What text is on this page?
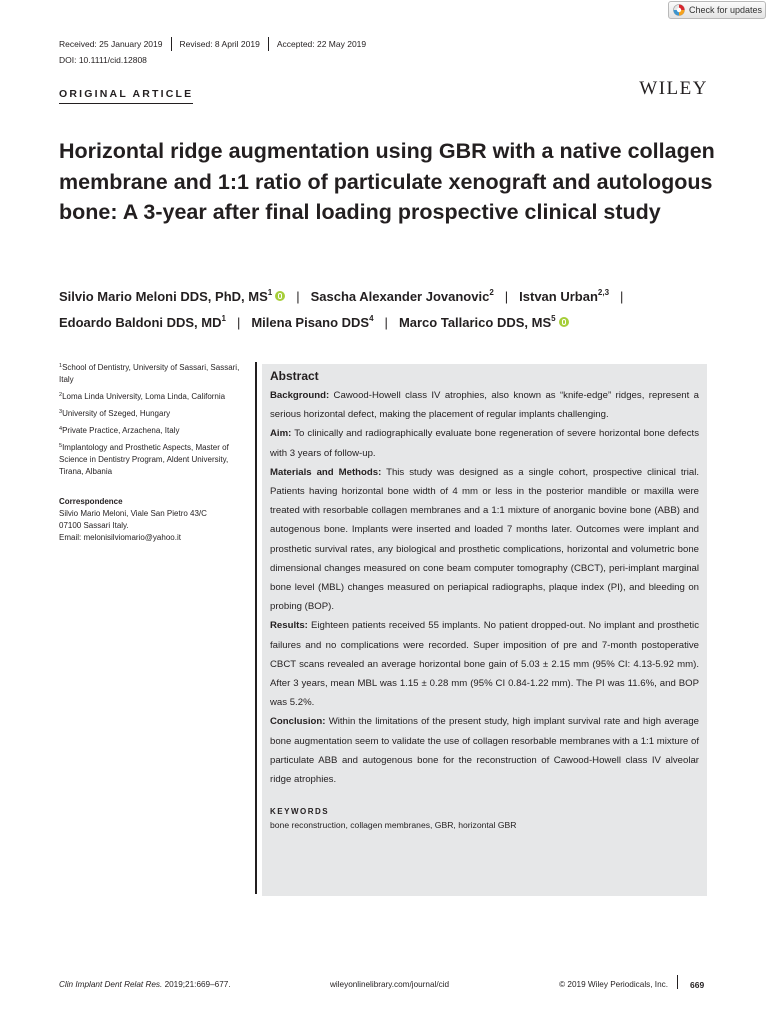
Check for updates
Received: 25 January 2019 Revised: 8 April 2019 Accepted: 22 May 2019
DOI: 10.1111/cid.12808
ORIGINAL ARTICLE	WILEY
Horizontal ridge augmentation using GBR with a native collagen membrane and 1:1 ratio of particulate xenograft and autologous bone: A 3-year after final loading prospective clinical study
Silvio Mario Meloni DDS, PhD, $MS^1$ | Sascha Alexander Jovanovic$^2$ | Istvan Urban$^{2,3}$ |
Edoardo Baldoni DDS, $MD^1$ | Milena Pisano DDS$^4$ | Marco Tallarico DDS, $MS^5$
$^1$School of Dentistry, University of Sassari, Sassari, Italy
$^2$Loma Linda University, Loma Linda, California
$^3$University of Szeged, Hungary
$^4$Private Practice, Arzachena, Italy
$^5$Implantology and Prosthetic Aspects, Master of Science in Dentistry Program, Aldent University, Tirana, Albania
Correspondence
Silvio Mario Meloni, Viale San Pietro 43/C
07100 Sassari Italy.
Email: melonisilviomario@yahoo.it
Abstract

Background: Cawood-Howell class IV atrophies, also known as “knife-edge” ridges, represent a serious horizontal defect, making the placement of regular implants challenging.

Aim: To clinically and radiographically evaluate bone regeneration of severe horizontal bone defects with 3 years of follow-up.

Materials and Methods: This study was designed as a single cohort, prospective clinical trial. Patients having horizontal bone width of 4 mm or less in the posterior mandible or maxilla were treated with resorbable collagen membranes and a 1:1 mixture of anorganic bovine bone (ABB) and autogenous bone. Implants were inserted and loaded 7 months later. Outcomes were implant and prosthetic survival rates, any biological and prosthetic complications, horizontal and volumetric bone dimensional changes measured on cone beam computer tomography (CBCT), peri-implant marginal bone level (MBL) changes measured on periapical radiographs, plaque index (PI), and bleeding on probing (BOP).

Results: Eighteen patients received 55 implants. No patient dropped-out. No implant and prosthetic failures and no complications were recorded. Super imposition of pre and 7-month postoperative CBCT scans revealed an average horizontal bone gain of 5.03 ± 2.15 mm (95% CI: 4.13-5.92 mm). After 3 years, mean MBL was 1.15 ± 0.28 mm (95% CI 0.84-1.22 mm). The PI was 11.6%, and BOP was 5.2%.

Conclusion: Within the limitations of the present study, high implant survival rate and high average bone augmentation seem to validate the use of collagen resorbable membranes with a 1:1 mixture of particulate ABB and autogenous bone for the reconstruction of Cawood-Howell class IV alveolar ridge atrophies.

KEYWORDS
bone reconstruction, collagen membranes, GBR, horizontal GBR
Clin Implant Dent Relat Res. 2019;21:669–677.	wileyonlinelibrary.com/journal/cid	© 2019 Wiley Periodicals, Inc.	669
